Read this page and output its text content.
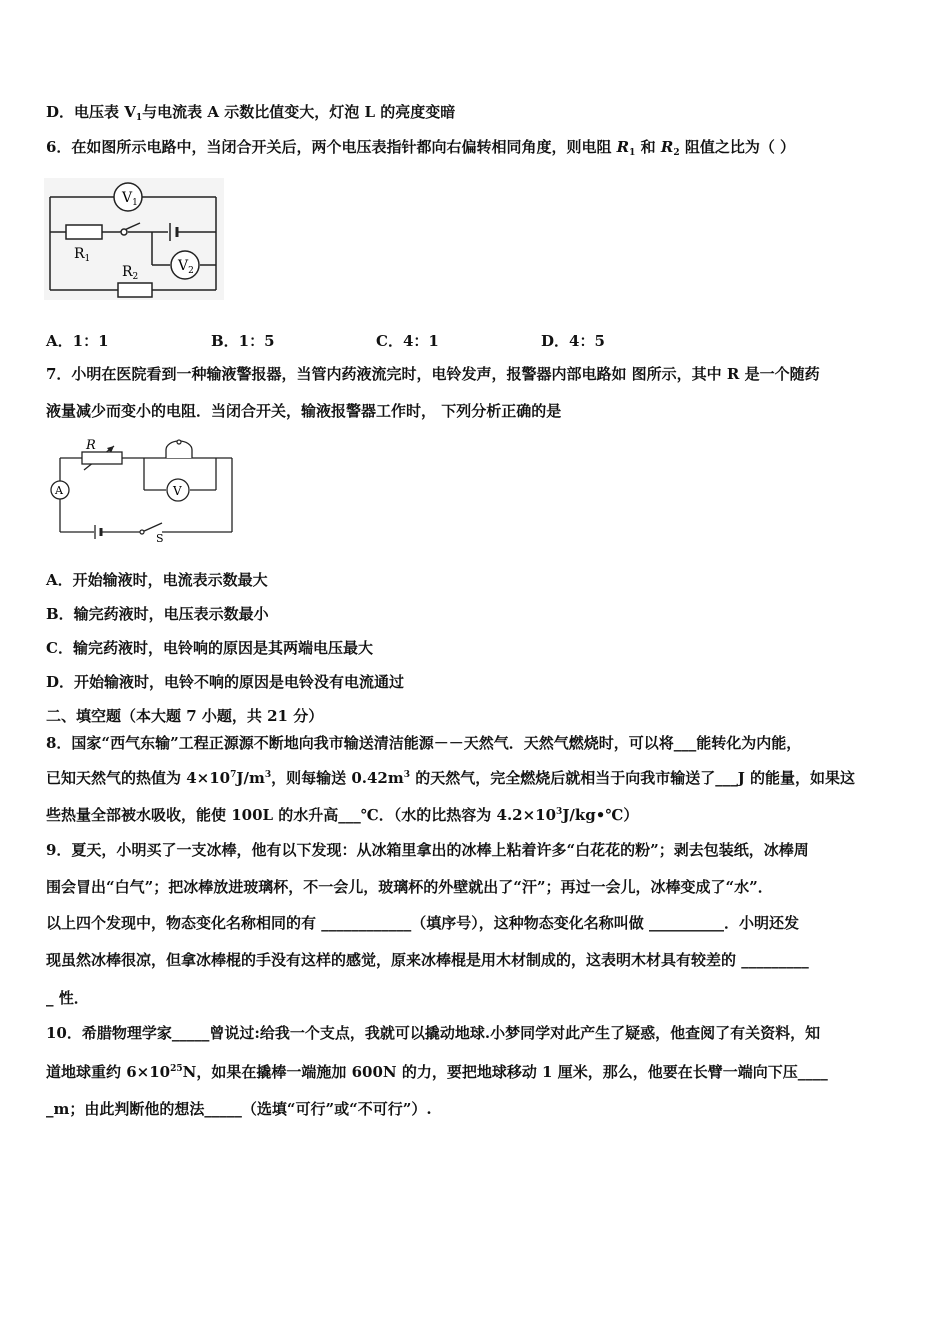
D．电压表 $V_1$与电流表 A 示数比值变大，灯泡 L 的亮度变暗
6．在如图所示电路中，当闭合开关后，两个电压表指针都向右偏转相同角度，则电阻 $R_1$ 和 $R_2$ 阻值之比为（ ）
$V_1$
$R_1$	$V_2$
$R_2$
A．1：1	B．1：5	C．4：1	D．4：5
7．小明在医院看到一种输液警报器，当管内药液流完时，电铃发声，报警器内部电路如 图所示，其中 R 是一个随药
液量减少而变小的电阻．当闭合开关，输液报警器工作时， 下列分析正确的是
R
V
A
S
A．开始输液时，电流表示数最大
B．输完药液时，电压表示数最小
C．输完药液时，电铃响的原因是其两端电压最大
D．开始输液时，电铃不响的原因是电铃没有电流通过
二、填空题（本大题 7 小题，共 21 分）
8．国家“西气东输”工程正源源不断地向我市输送清洁能源－－天然气．天然气燃烧时，可以将___能转化为内能，
已知天然气的热值为 $4\times 10^7J/m^3$，则每输送 $0.42m^3$ 的天然气，完全燃烧后就相当于向我市输送了___J 的能量，如果这
些热量全部被水吸收，能使 100L 的水升高___℃．（水的比热容为 $4.2\times 10^3J/kg•℃$）
9．夏天，小明买了一支冰棒，他有以下发现：从冰箱里拿出的冰棒上粘着许多“白花花的粉”；剥去包装纸，冰棒周
围会冒出“白气”；把冰棒放进玻璃杯，不一会儿，玻璃杯的外壁就出了“汗”；再过一会儿，冰棒变成了“水”．
以上四个发现中，物态变化名称相同的有 ____________（填序号），这种物态变化名称叫做 __________．小明还发
现虽然冰棒很凉，但拿冰棒棍的手没有这样的感觉，原来冰棒棍是用木材制成的，这表明木材具有较差的 _________
_ 性．
10．希腊物理学家_____曾说过:给我一个支点，我就可以撬动地球.小梦同学对此产生了疑惑，他查阅了有关资料，知
道地球重约 $6\times 10^{25}N$，如果在撬棒一端施加 600N 的力，要把地球移动 1 厘米，那么，他要在长臂一端向下压____
_m；由此判断他的想法_____（选填“可行”或“不可行”）.
